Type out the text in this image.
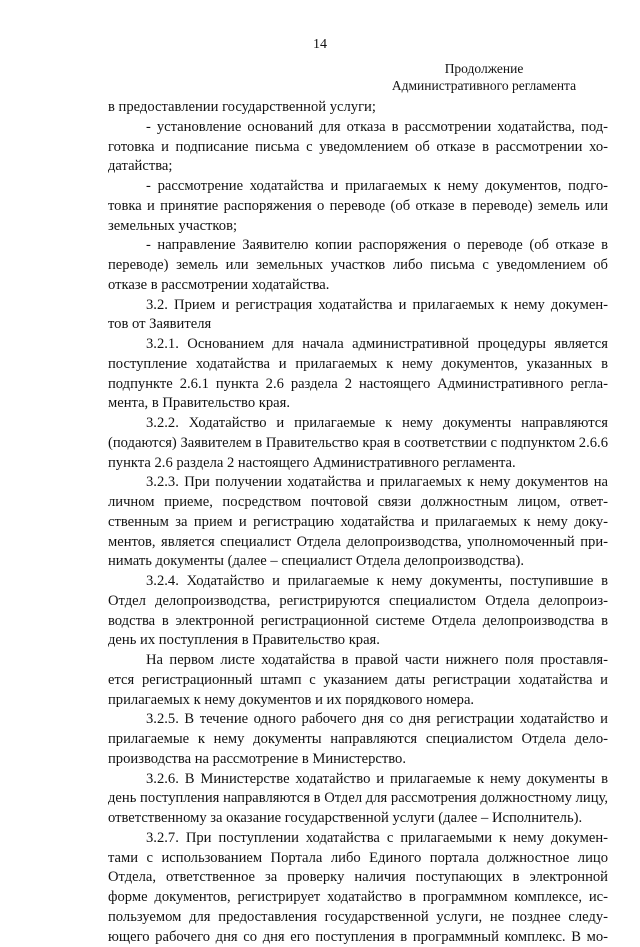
14
Продолжение
Административного регламента
в предоставлении государственной услуги;
- установление оснований для отказа в рассмотрении ходатайства, под-
готовка и подписание письма с уведомлением об отказе в рассмотрении хо-
датайства;
- рассмотрение ходатайства и прилагаемых к нему документов, подго-
товка и принятие распоряжения о переводе (об отказе в переводе) земель или
земельных участков;
- направление Заявителю копии распоряжения о переводе (об отказе в
переводе) земель или земельных участков либо письма с уведомлением об
отказе в рассмотрении ходатайства.
3.2. Прием и регистрация ходатайства и прилагаемых к нему докумен-
тов от Заявителя
3.2.1. Основанием для начала административной процедуры является
поступление ходатайства и прилагаемых к нему документов, указанных в
подпункте 2.6.1 пункта 2.6 раздела 2 настоящего Административного регла-
мента, в Правительство края.
3.2.2. Ходатайство и прилагаемые к нему документы направляются
(подаются) Заявителем в Правительство края в соответствии с подпунктом 2.6.6
пункта 2.6 раздела 2 настоящего Административного регламента.
3.2.3. При получении ходатайства и прилагаемых к нему документов на
личном приеме, посредством почтовой связи должностным лицом, ответ-
ственным за прием и регистрацию ходатайства и прилагаемых к нему доку-
ментов, является специалист Отдела делопроизводства, уполномоченный при-
нимать документы (далее – специалист Отдела делопроизводства).
3.2.4. Ходатайство и прилагаемые к нему документы, поступившие в
Отдел делопроизводства, регистрируются специалистом Отдела делопроиз-
водства в электронной регистрационной системе Отдела делопроизводства в
день их поступления в Правительство края.
На первом листе ходатайства в правой части нижнего поля проставля-
ется регистрационный штамп с указанием даты регистрации ходатайства и
прилагаемых к нему документов и их порядкового номера.
3.2.5. В течение одного рабочего дня со дня регистрации ходатайство и
прилагаемые к нему документы направляются специалистом Отдела дело-
производства на рассмотрение в Министерство.
3.2.6. В Министерстве ходатайство и прилагаемые к нему документы в
день поступления направляются в Отдел для рассмотрения должностному лицу,
ответственному за оказание государственной услуги (далее – Исполнитель).
3.2.7. При поступлении ходатайства с прилагаемыми к нему докумен-
тами с использованием Портала либо Единого портала должностное лицо
Отдела, ответственное за проверку наличия поступающих в электронной
форме документов, регистрирует ходатайство в программном комплексе, ис-
пользуемом для предоставления государственной услуги, не позднее следу-
ющего рабочего дня со дня его поступления в программный комплекс. В мо-
